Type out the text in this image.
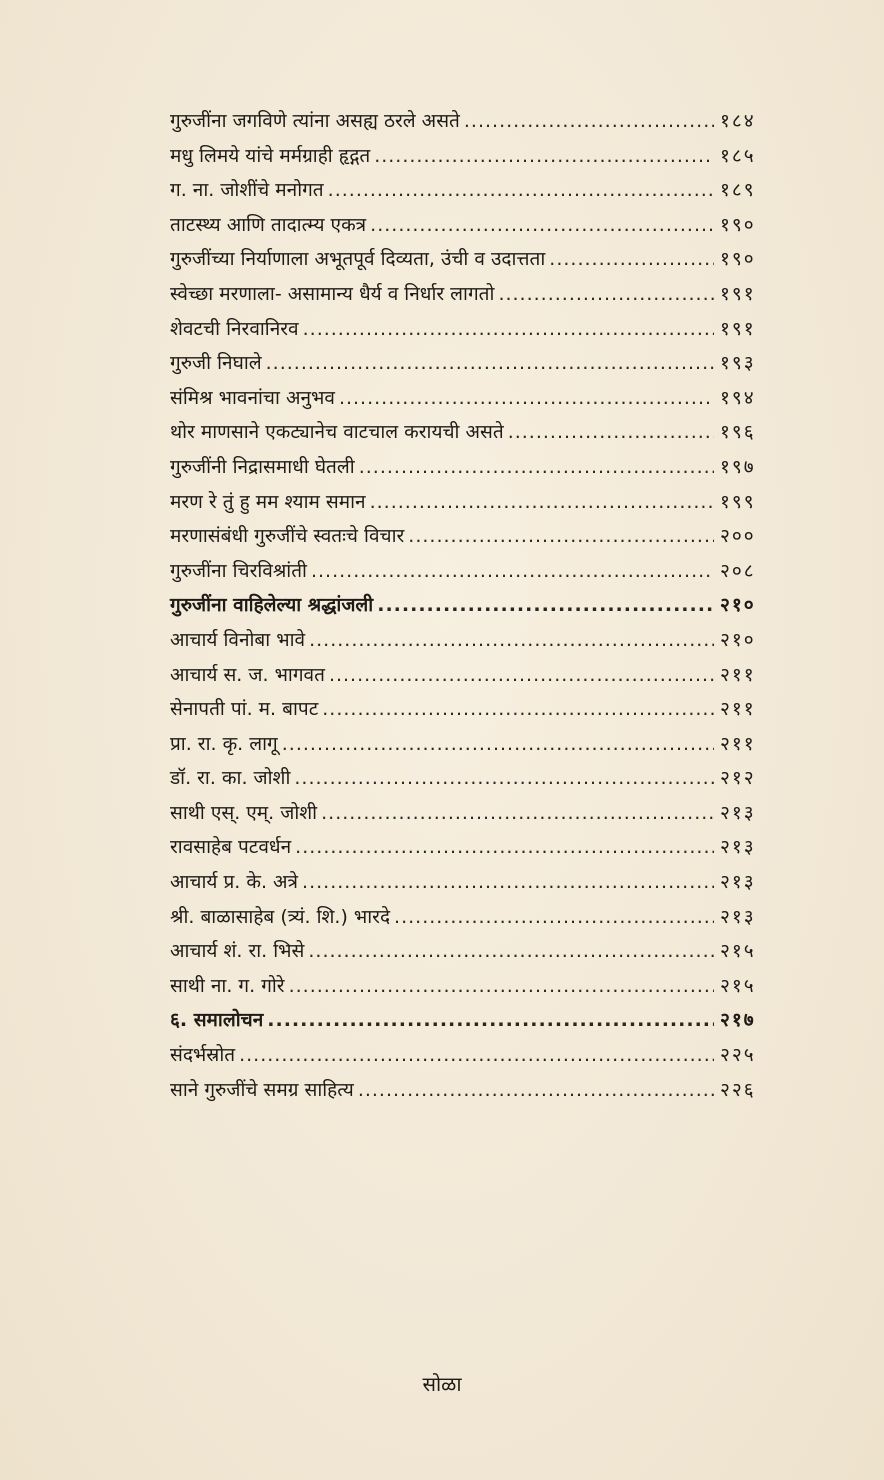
गुरुजींना जगविणे त्यांना असह्य ठरले असते .....	१८४
मधु लिमये यांचे मर्मग्राही हृद्गत .....	१८५
ग. ना. जोशींचे मनोगत .....	१८९
ताटस्थ्य आणि तादात्म्य एकत्र .....	१९०
गुरुजींच्या निर्याणाला अभूतपूर्व दिव्यता, उंची व उदात्तता .....	१९०
स्वेच्छा मरणाला- असामान्य धैर्य व निर्धार लागतो .....	१९१
शेवटची निरवानिरव .....	१९१
गुरुजी निघाले .....	१९३
संमिश्र भावनांचा अनुभव .....	१९४
थोर माणसाने एकट्यानेच वाटचाल करायची असते .....	१९६
गुरुजींनी निद्रासमाधी घेतली .....	१९७
मरण रे तुं हु मम श्याम समान .....	१९९
मरणासंबंधी गुरुजींचे स्वतःचे विचार .....	२००
गुरुजींना चिरविश्रांती .....	२०८
गुरुजींना वाहिलेल्या श्रद्धांजली .....	२१०
आचार्य विनोबा भावे .....	२१०
आचार्य स. ज. भागवत .....	२११
सेनापती पां. म. बापट .....	२११
प्रा. रा. कृ. लागू .....	२११
डॉ. रा. का. जोशी .....	२१२
साथी एस्. एम्. जोशी .....	२१३
रावसाहेब पटवर्धन .....	२१३
आचार्य प्र. के. अत्रे .....	२१३
श्री. बाळासाहेब (त्र्यं. शि.) भारदे .....	२१३
आचार्य शं. रा. भिसे .....	२१५
साथी ना. ग. गोरे .....	२१५
६. समालोचन .....	२१७
संदर्भस्रोत .....	२२५
साने गुरुजींचे समग्र साहित्य .....	२२६
सोळा
